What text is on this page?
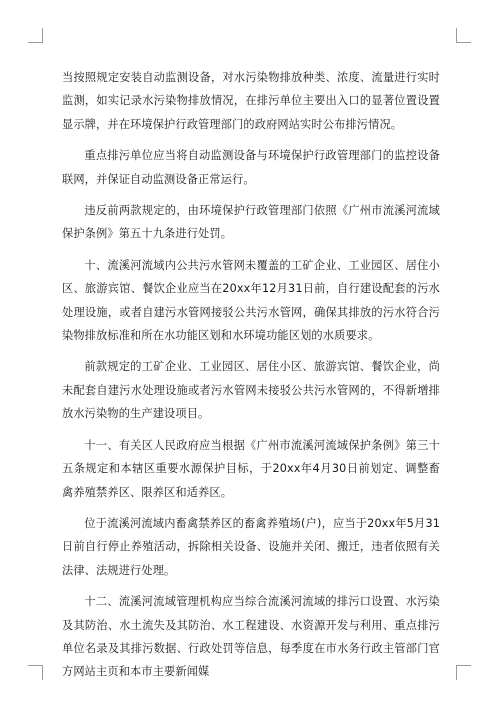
当按照规定安装自动监测设备，对水污染物排放种类、浓度、流量进行实时监测，如实记录水污染物排放情况，在排污单位主要出入口的显著位置设置显示牌，并在环境保护行政管理部门的政府网站实时公布排污情况。

重点排污单位应当将自动监测设备与环境保护行政管理部门的监控设备联网，并保证自动监测设备正常运行。

违反前两款规定的，由环境保护行政管理部门依照《广州市流溪河流域保护条例》第五十九条进行处罚。

十、流溪河流域内公共污水管网未覆盖的工矿企业、工业园区、居住小区、旅游宾馆、餐饮企业应当在20xx年12月31日前，自行建设配套的污水处理设施，或者自建污水管网接驳公共污水管网，确保其排放的污水符合污染物排放标准和所在水功能区划和水环境功能区划的水质要求。

前款规定的工矿企业、工业园区、居住小区、旅游宾馆、餐饮企业，尚未配套自建污水处理设施或者污水管网未接驳公共污水管网的，不得新增排放水污染物的生产建设项目。

十一、有关区人民政府应当根据《广州市流溪河流域保护条例》第三十五条规定和本辖区重要水源保护目标，于20xx年4月30日前划定、调整畜禽养殖禁养区、限养区和适养区。

位于流溪河流域内畜禽禁养区的畜禽养殖场(户)，应当于20xx年5月31日前自行停止养殖活动，拆除相关设备、设施并关闭、搬迁，违者依照有关法律、法规进行处理。

十二、流溪河流域管理机构应当综合流溪河流域的排污口设置、水污染及其防治、水土流失及其防治、水工程建设、水资源开发与利用、重点排污单位名录及其排污数据、行政处罚等信息，每季度在市水务行政主管部门官方网站主页和本市主要新闻媒
